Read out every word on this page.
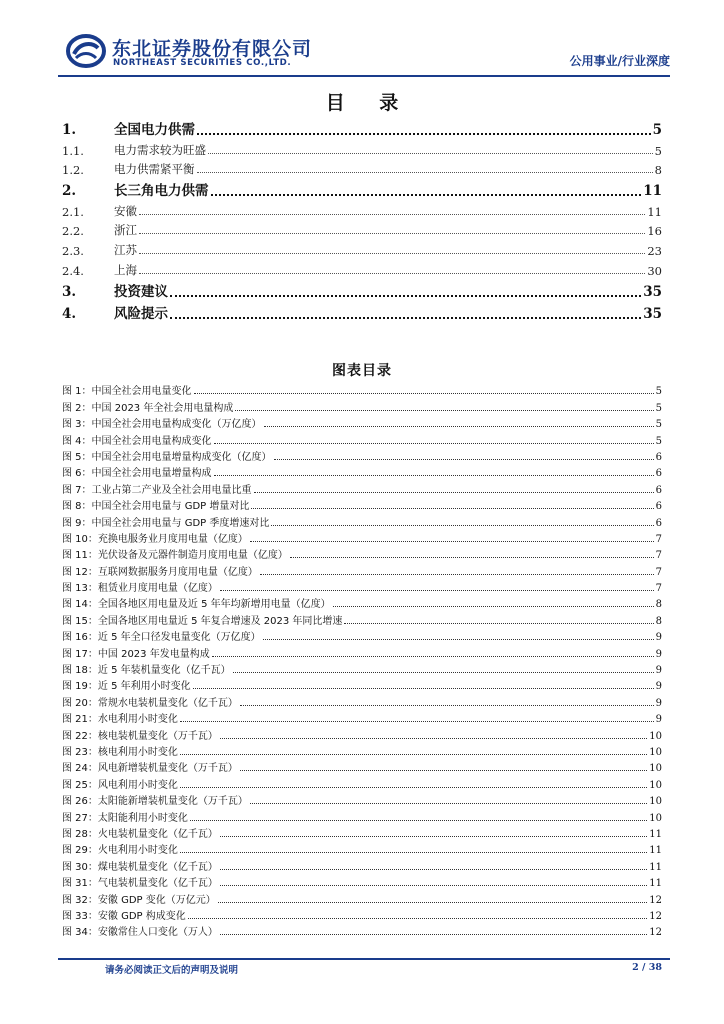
东北证券股份有限公司
NORTHEAST SECURITIES CO.,LTD.	公用事业/行业深度
目 录
1.	全国电力供需	5
1.1.	电力需求较为旺盛	5
1.2.	电力供需紧平衡	8
2.	长三角电力供需	11
2.1.	安徽	11
2.2.	浙江	16
2.3.	江苏	23
2.4.	上海	30
3.	投资建议	35
4.	风险提示	35
图表目录
图 1：中国全社会用电量变化	5
图 2：中国 2023 年全社会用电量构成	5
图 3：中国全社会用电量构成变化（万亿度）	5
图 4：中国全社会用电量构成变化	5
图 5：中国全社会用电量增量构成变化（亿度）	6
图 6：中国全社会用电量增量构成	6
图 7：工业占第二产业及全社会用电量比重	6
图 8：中国全社会用电量与 GDP 增量对比	6
图 9：中国全社会用电量与 GDP 季度增速对比	6
图 10：充换电服务业月度用电量（亿度）	7
图 11：光伏设备及元器件制造月度用电量（亿度）	7
图 12：互联网数据服务月度用电量（亿度）	7
图 13：租赁业月度用电量（亿度）	7
图 14：全国各地区用电量及近 5 年年均新增用电量（亿度）	8
图 15：全国各地区用电量近 5 年复合增速及 2023 年同比增速	8
图 16：近 5 年全口径发电量变化（万亿度）	9
图 17：中国 2023 年发电量构成	9
图 18：近 5 年装机量变化（亿千瓦）	9
图 19：近 5 年利用小时变化	9
图 20：常规水电装机量变化（亿千瓦）	9
图 21：水电利用小时变化	9
图 22：核电装机量变化（万千瓦）	10
图 23：核电利用小时变化	10
图 24：风电新增装机量变化（万千瓦）	10
图 25：风电利用小时变化	10
图 26：太阳能新增装机量变化（万千瓦）	10
图 27：太阳能利用小时变化	10
图 28：火电装机量变化（亿千瓦）	11
图 29：火电利用小时变化	11
图 30：煤电装机量变化（亿千瓦）	11
图 31：气电装机量变化（亿千瓦）	11
图 32：安徽 GDP 变化（万亿元）	12
图 33：安徽 GDP 构成变化	12
图 34：安徽常住人口变化（万人）	12
请务必阅读正文后的声明及说明	2 / 38
